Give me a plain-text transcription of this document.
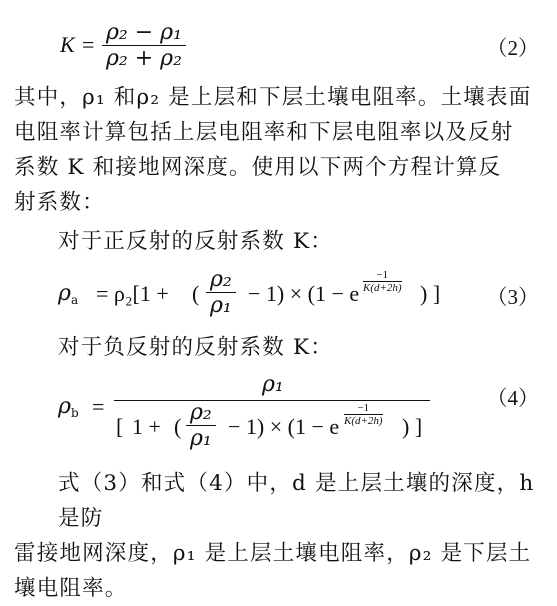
$K = \frac{\text{ρ₂ − ρ₁}}{\text{ρ₂ + ρ₂}}$	（2）
其中，ρ₁ 和ρ₂ 是上层和下层土壤电阻率。土壤表面
电阻率计算包括上层电阻率和下层电阻率以及反射
系数 K 和接地网深度。使用以下两个方程计算反
射系数：
对于正反射的反射系数 K：
$\rho_a = \rho_2[1 + \frac{\text{ρ₂}}{\text{ρ₁}}$
( − 1) × (1 − e $\frac{-1}{K(d+2h)}$ ) ] （3）
对于负反射的反射系数 K：
$\rho_b$ =
ρ₁
[ 1 + ( $\frac{\text{ρ₂}}{\text{ρ₁}} - 1) \times (1 - e \frac{-1}{K(d+2h)}$ ) ]
（4）
式（3）和式（4）中，d 是上层土壤的深度，h 是防
雷接地网深度，ρ₁ 是上层土壤电阻率，ρ₂ 是下层土
壤电阻率。
